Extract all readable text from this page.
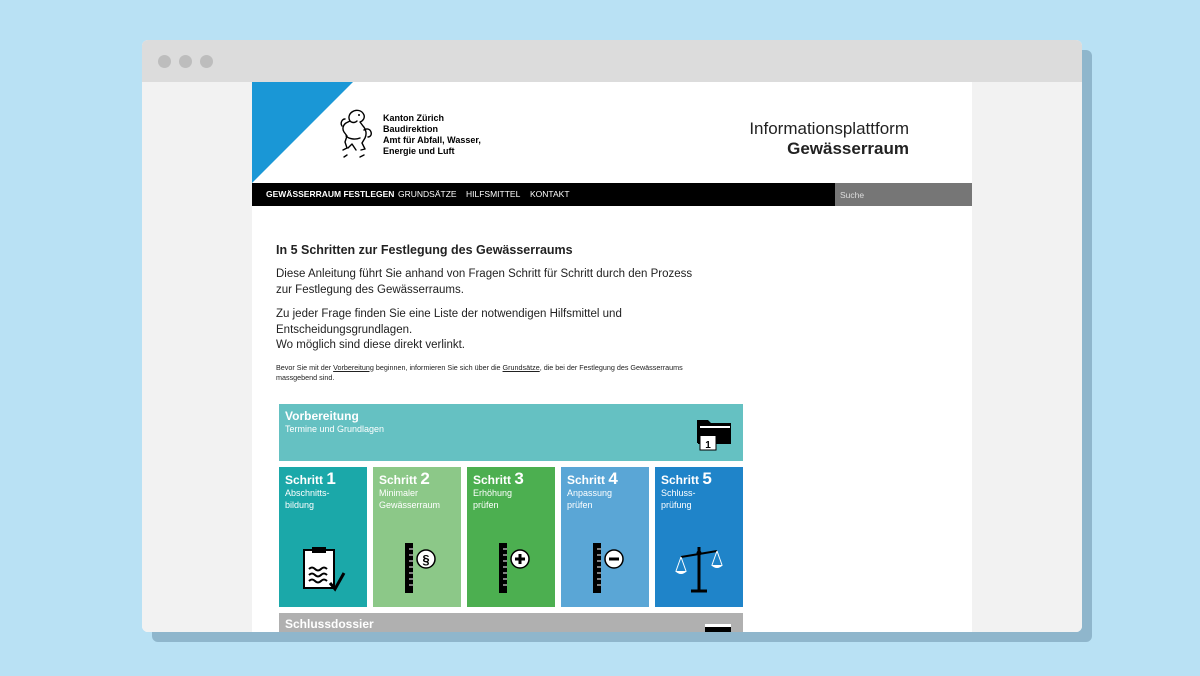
Kanton Zürich
Baudirektion
Amt für Abfall, Wasser,
Energie und Luft
Informationsplattform
Gewässerraum
GEWÄSSERRAUM FESTLEGEN GRUNDSÄTZE HILFSMITTEL KONTAKT
Suche
In 5 Schritten zur Festlegung des Gewässerraums

Diese Anleitung führt Sie anhand von Fragen Schritt für Schritt durch den Prozess zur Festlegung des Gewässerraums.

Zu jeder Frage finden Sie eine Liste der notwendigen Hilfsmittel und Entscheidungsgrundlagen.
Wo möglich sind diese direkt verlinkt.

Bevor Sie mit der Vorbereitung beginnen, informieren Sie sich über die Grundsätze, die bei der Festlegung des Gewässerraums massgebend sind.

Vorbereitung
Termine und Grundlagen
1
Schritt 1
Abschnitts-
bildung
Schritt 2
Minimaler
Gewässerraum
§
Schritt 3
Erhöhung
prüfen
Schritt 4
Anpassung
prüfen
Schritt 5
Schluss-
prüfung
Schlussdossier
